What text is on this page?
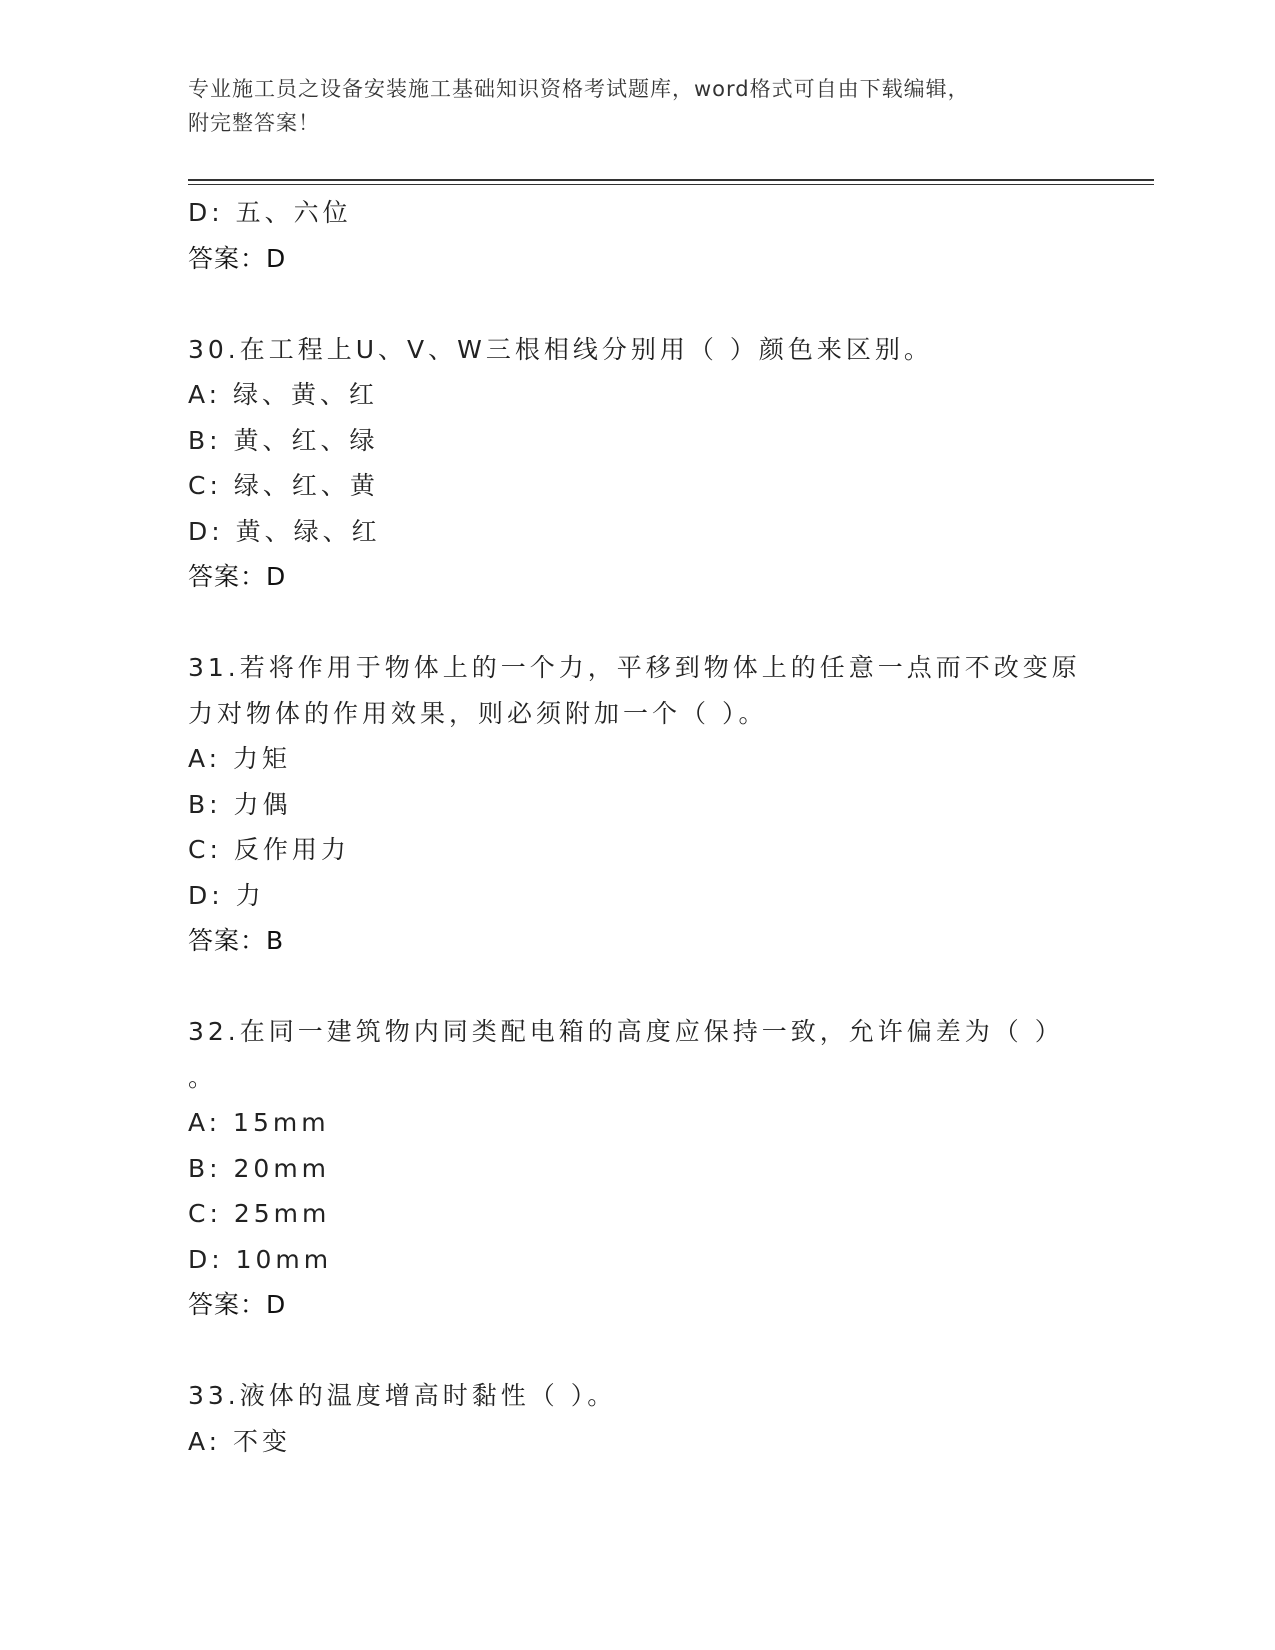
专业施工员之设备安装施工基础知识资格考试题库，word格式可自由下载编辑，
附完整答案！
D: 五、六位
答案：D
30.在工程上U、V、W三根相线分别用（ ）颜色来区别。
A: 绿、黄、红
B: 黄、红、绿
C: 绿、红、黄
D: 黄、绿、红
答案：D
31.若将作用于物体上的一个力，平移到物体上的任意一点而不改变原
力对物体的作用效果，则必须附加一个（ ）。
A: 力矩
B: 力偶
C: 反作用力
D: 力
答案：B
32.在同一建筑物内同类配电箱的高度应保持一致，允许偏差为（ ）
。
A: 15mm
B: 20mm
C: 25mm
D: 10mm
答案：D
33.液体的温度增高时黏性（ ）。
A: 不变
